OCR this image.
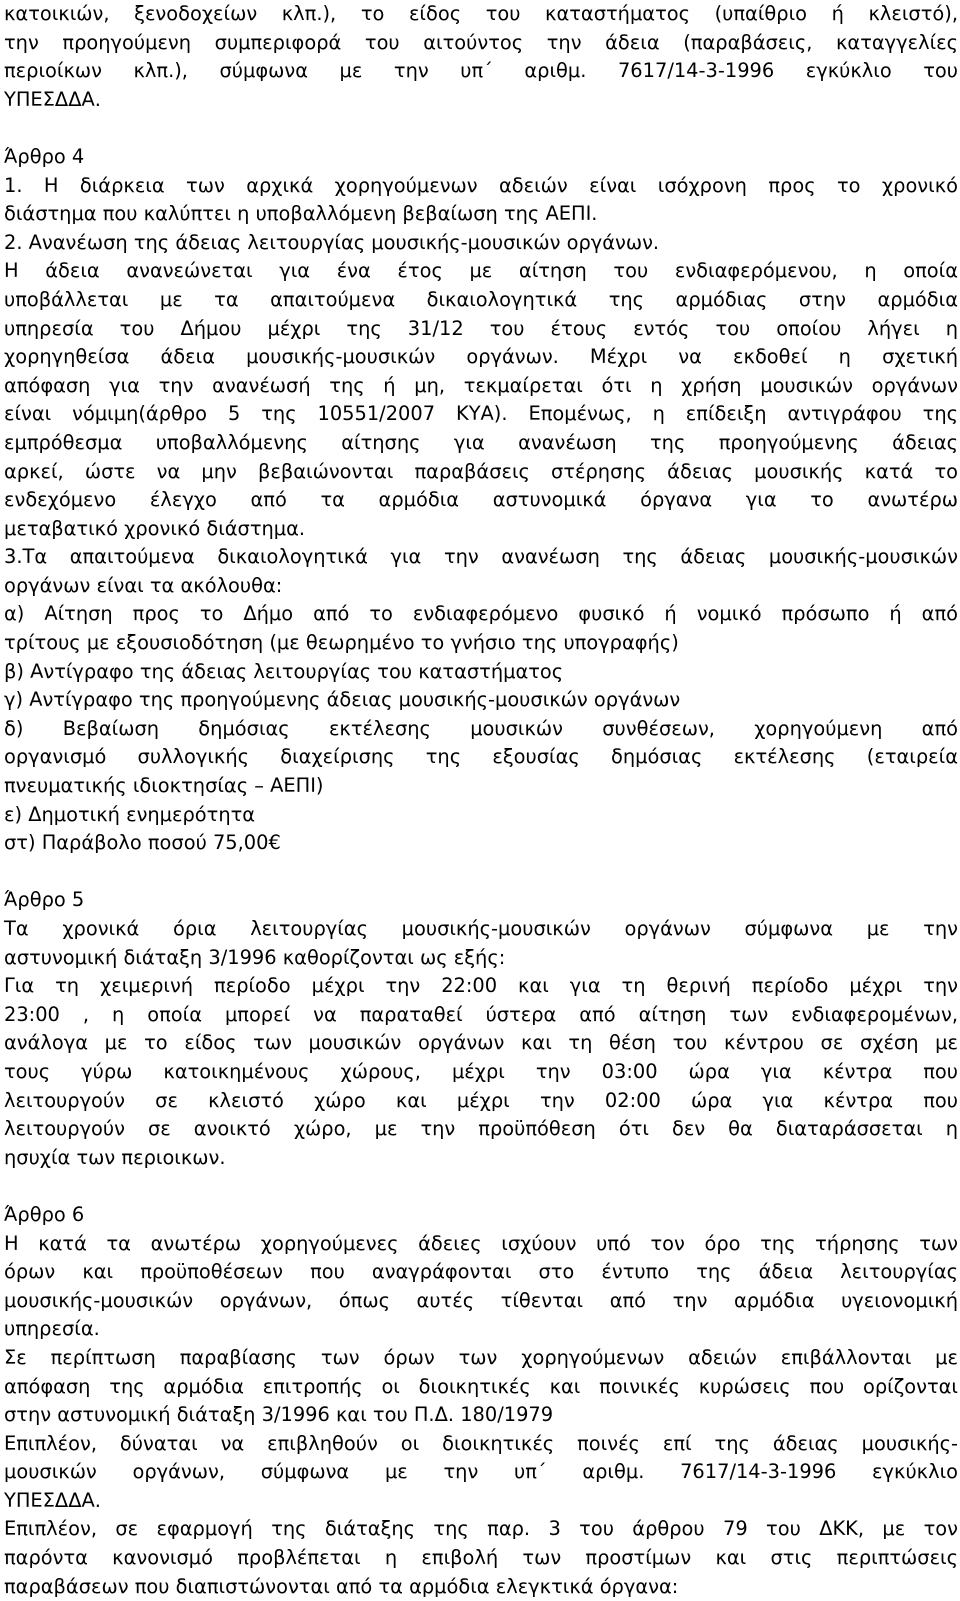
κατοικιών, ξενοδοχείων κλπ.), το είδος του καταστήματος (υπαίθριο ή κλειστό),
την προηγούμενη συμπεριφορά του αιτούντος την άδεια (παραβάσεις, καταγγελίες
περιοίκων κλπ.), σύμφωνα με την υπ΄ αριθμ. 7617/14-3-1996 εγκύκλιο του
ΥΠΕΣΔΔΑ.
Άρθρο 4
1. Η διάρκεια των αρχικά χορηγούμενων αδειών είναι ισόχρονη προς το χρονικό
διάστημα που καλύπτει η υποβαλλόμενη βεβαίωση της ΑΕΠΙ.
2. Ανανέωση της άδειας λειτουργίας μουσικής-μουσικών οργάνων.
Η άδεια ανανεώνεται για ένα έτος με αίτηση του ενδιαφερόμενου, η οποία
υποβάλλεται με τα απαιτούμενα δικαιολογητικά της αρμόδιας στην αρμόδια
υπηρεσία του Δήμου μέχρι της 31/12 του έτους εντός του οποίου λήγει η
χορηγηθείσα άδεια μουσικής-μουσικών οργάνων. Μέχρι να εκδοθεί η σχετική
απόφαση για την ανανέωσή της ή μη, τεκμαίρεται ότι η χρήση μουσικών οργάνων
είναι νόμιμη(άρθρο 5 της 10551/2007 ΚΥΑ). Επομένως, η επίδειξη αντιγράφου της
εμπρόθεσμα υποβαλλόμενης αίτησης για ανανέωση της προηγούμενης άδειας
αρκεί, ώστε να μην βεβαιώνονται παραβάσεις στέρησης άδειας μουσικής κατά το
ενδεχόμενο έλεγχο από τα αρμόδια αστυνομικά όργανα για το ανωτέρω
μεταβατικό χρονικό διάστημα.
3.Τα απαιτούμενα δικαιολογητικά για την ανανέωση της άδειας μουσικής-μουσικών
οργάνων είναι τα ακόλουθα:
α) Αίτηση προς το Δήμο από το ενδιαφερόμενο φυσικό ή νομικό πρόσωπο ή από
τρίτους με εξουσιοδότηση (με θεωρημένο το γνήσιο της υπογραφής)
β) Αντίγραφο της άδειας λειτουργίας του καταστήματος
γ) Αντίγραφο της προηγούμενης άδειας μουσικής-μουσικών οργάνων
δ) Βεβαίωση δημόσιας εκτέλεσης μουσικών συνθέσεων, χορηγούμενη από
οργανισμό συλλογικής διαχείρισης της εξουσίας δημόσιας εκτέλεσης (εταιρεία
πνευματικής ιδιοκτησίας – ΑΕΠΙ)
ε) Δημοτική ενημερότητα
στ) Παράβολο ποσού 75,00€
Άρθρο 5
Τα χρονικά όρια λειτουργίας μουσικής-μουσικών οργάνων σύμφωνα με την
αστυνομική διάταξη 3/1996 καθορίζονται ως εξής:
Για τη χειμερινή περίοδο μέχρι την 22:00 και για τη θερινή περίοδο μέχρι την
23:00 , η οποία μπορεί να παραταθεί ύστερα από αίτηση των ενδιαφερομένων,
ανάλογα με το είδος των μουσικών οργάνων και τη θέση του κέντρου σε σχέση με
τους γύρω κατοικημένους χώρους, μέχρι την 03:00 ώρα για κέντρα που
λειτουργούν σε κλειστό χώρο και μέχρι την 02:00 ώρα για κέντρα που
λειτουργούν σε ανοικτό χώρο, με την προϋπόθεση ότι δεν θα διαταράσσεται η
ησυχία των περιοικων.
Άρθρο 6
Η κατά τα ανωτέρω χορηγούμενες άδειες ισχύουν υπό τον όρο της τήρησης των
όρων και προϋποθέσεων που αναγράφονται στο έντυπο της άδεια λειτουργίας
μουσικής-μουσικών οργάνων, όπως αυτές τίθενται από την αρμόδια υγειονομική
υπηρεσία.
Σε περίπτωση παραβίασης των όρων των χορηγούμενων αδειών επιβάλλονται με
απόφαση της αρμόδια επιτροπής οι διοικητικές και ποινικές κυρώσεις που ορίζονται
στην αστυνομική διάταξη 3/1996 και του Π.Δ. 180/1979
Επιπλέον, δύναται να επιβληθούν οι διοικητικές ποινές επί της άδειας μουσικής-
μουσικών οργάνων, σύμφωνα με την υπ΄ αριθμ. 7617/14-3-1996 εγκύκλιο
ΥΠΕΣΔΔΑ.
Επιπλέον, σε εφαρμογή της διάταξης της παρ. 3 του άρθρου 79 του ΔΚΚ, με τον
παρόντα κανονισμό προβλέπεται η επιβολή των προστίμων και στις περιπτώσεις
παραβάσεων που διαπιστώνονται από τα αρμόδια ελεγκτικά όργανα:
